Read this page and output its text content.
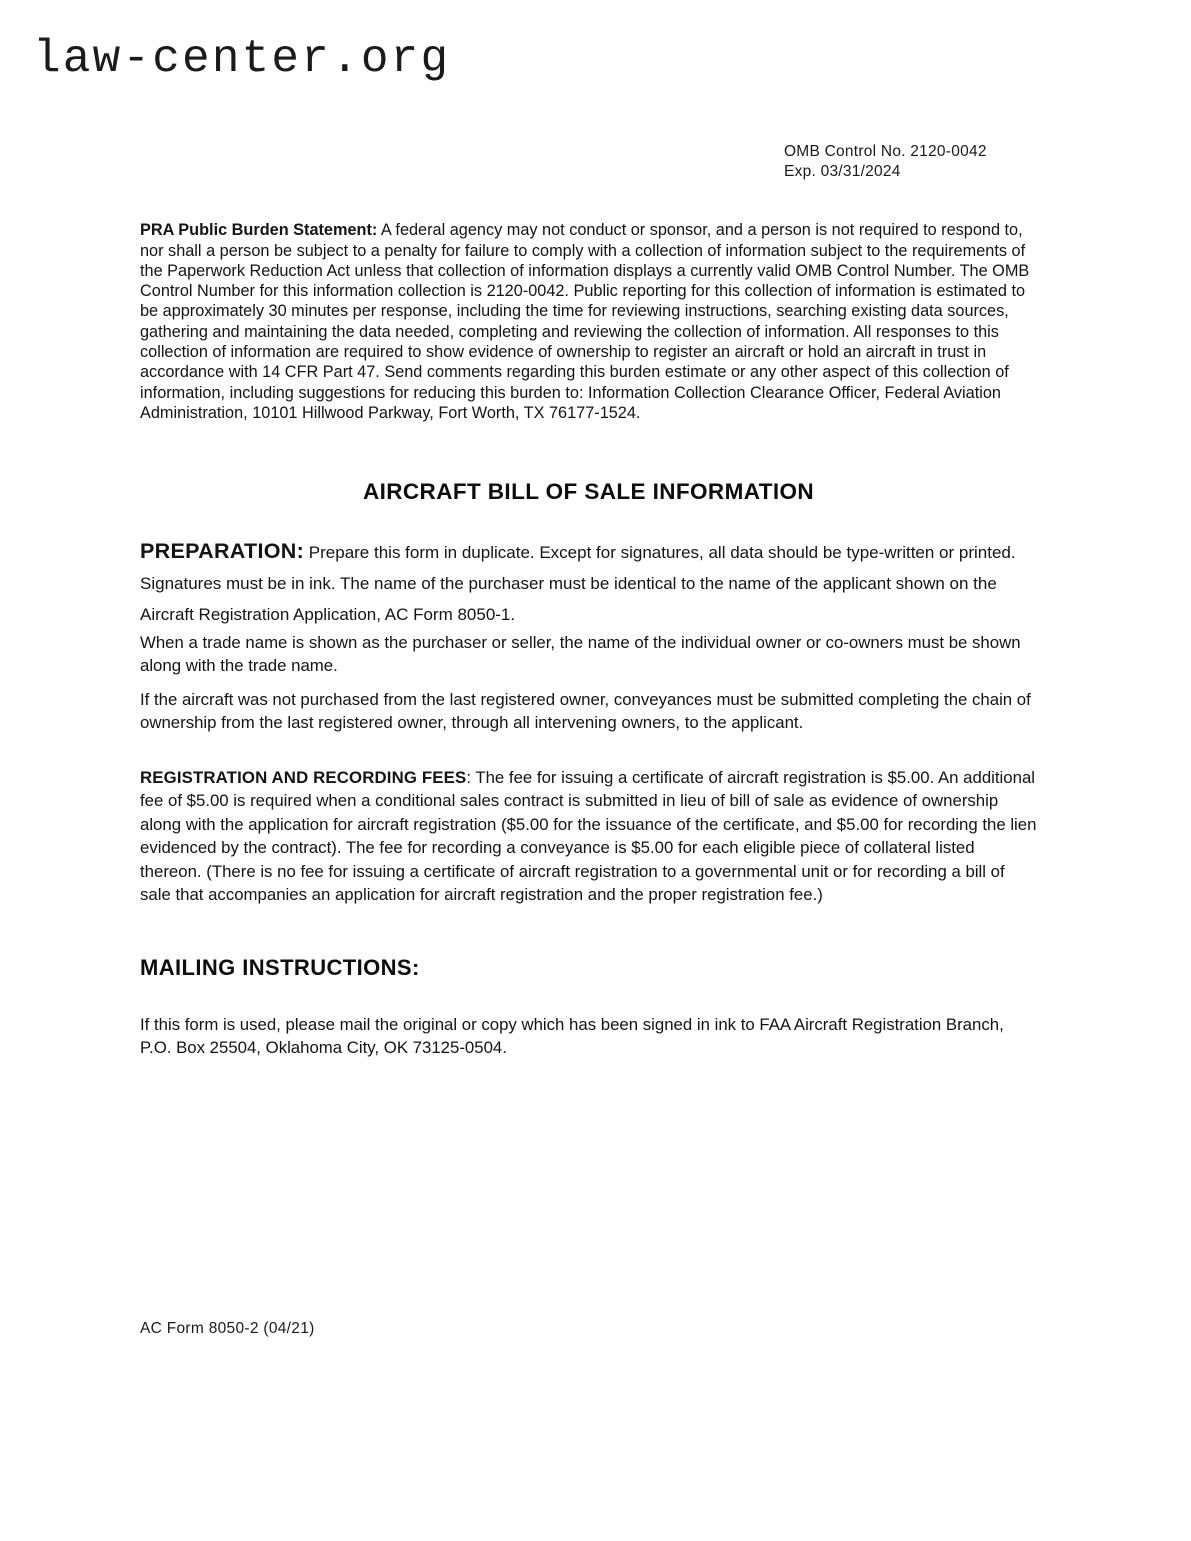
law-center.org
OMB Control No. 2120-0042
Exp. 03/31/2024

PRA Public Burden Statement: A federal agency may not conduct or sponsor, and a person is not required to respond to, nor shall a person be subject to a penalty for failure to comply with a collection of information subject to the requirements of the Paperwork Reduction Act unless that collection of information displays a currently valid OMB Control Number. The OMB Control Number for this information collection is 2120-0042. Public reporting for this collection of information is estimated to be approximately 30 minutes per response, including the time for reviewing instructions, searching existing data sources, gathering and maintaining the data needed, completing and reviewing the collection of information. All responses to this collection of information are required to show evidence of ownership to register an aircraft or hold an aircraft in trust in accordance with 14 CFR Part 47. Send comments regarding this burden estimate or any other aspect of this collection of information, including suggestions for reducing this burden to: Information Collection Clearance Officer, Federal Aviation Administration, 10101 Hillwood Parkway, Fort Worth, TX 76177-1524.

AIRCRAFT BILL OF SALE INFORMATION

PREPARATION: Prepare this form in duplicate. Except for signatures, all data should be type-written or printed. Signatures must be in ink. The name of the purchaser must be identical to the name of the applicant shown on the Aircraft Registration Application, AC Form 8050-1.

When a trade name is shown as the purchaser or seller, the name of the individual owner or co-owners must be shown along with the trade name.

If the aircraft was not purchased from the last registered owner, conveyances must be submitted completing the chain of ownership from the last registered owner, through all intervening owners, to the applicant.

REGISTRATION AND RECORDING FEES: The fee for issuing a certificate of aircraft registration is $5.00. An additional fee of $5.00 is required when a conditional sales contract is submitted in lieu of bill of sale as evidence of ownership along with the application for aircraft registration ($5.00 for the issuance of the certificate, and $5.00 for recording the lien evidenced by the contract). The fee for recording a conveyance is $5.00 for each eligible piece of collateral listed thereon. (There is no fee for issuing a certificate of aircraft registration to a governmental unit or for recording a bill of sale that accompanies an application for aircraft registration and the proper registration fee.)

MAILING INSTRUCTIONS:

If this form is used, please mail the original or copy which has been signed in ink to FAA Aircraft Registration Branch, P.O. Box 25504, Oklahoma City, OK 73125-0504.

AC Form 8050-2 (04/21)
